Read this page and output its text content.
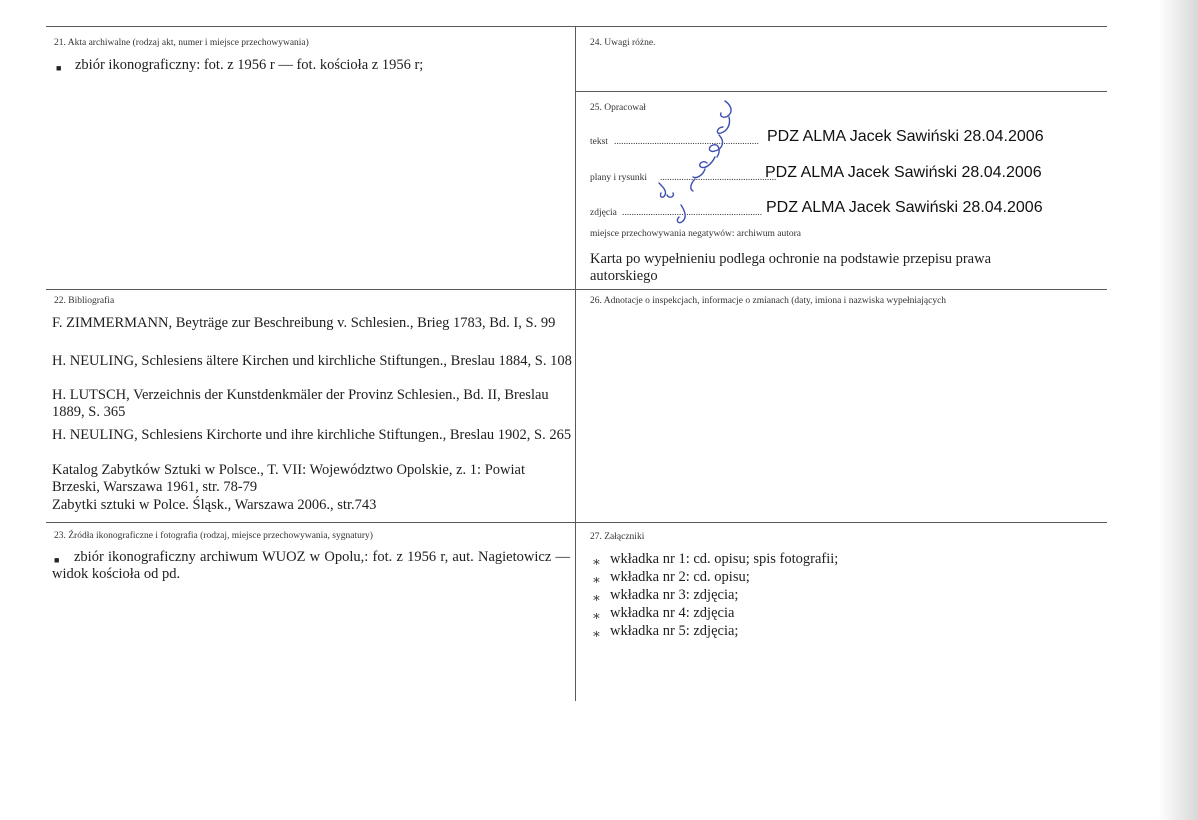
21. Akta archiwalne (rodzaj akt, numer i miejsce przechowywania)
■ zbiór ikonograficzny: fot. z 1956 r — fot. kościoła z 1956 r;
24. Uwagi różne.
25. Opracował
tekst ............................................................. PDZ ALMA Jacek Sawiński 28.04.2006
plany i rysunki .................................................
PDZ ALMA Jacek Sawiński 28.04.2006
zdjęcia ........................................................... PDZ ALMA Jacek Sawiński 28.04.2006
miejsce przechowywania negatywów: archiwum autora
Karta po wypełnieniu podlega ochronie na podstawie przepisu prawa autorskiego
22. Bibliografia
F. ZIMMERMANN, Beyträge zur Beschreibung v. Schlesien., Brieg 1783, Bd. I, S. 99
H. NEULING, Schlesiens ältere Kirchen und kirchliche Stiftungen., Breslau 1884, S. 108
H. LUTSCH, Verzeichnis der Kunstdenkmäler der Provinz Schlesien., Bd. II, Breslau 1889, S. 365
H. NEULING, Schlesiens Kirchorte und ihre kirchliche Stiftungen., Breslau 1902, S. 265
Katalog Zabytków Sztuki w Polsce., T. VII: Województwo Opolskie, z. 1: Powiat Brzeski, Warszawa 1961, str. 78-79
Zabytki sztuki w Polce. Śląsk., Warszawa 2006., str.743
26. Adnotacje o inspekcjach, informacje o zmianach (daty, imiona i nazwiska wypełniających
23. Źródła ikonograficzne i fotografia (rodzaj, miejsce przechowywania, sygnatury)
■	zbiór ikonograficzny archiwum WUOZ w Opolu,: fot. z 1956 r, aut. Nagietowicz — widok kościoła od pd.
27. Załączniki
∗ wkładka nr 1: cd. opisu; spis fotografii;
∗ wkładka nr 2: cd. opisu;
∗ wkładka nr 3: zdjęcia;
∗ wkładka nr 4: zdjęcia
∗ wkładka nr 5: zdjęcia;
